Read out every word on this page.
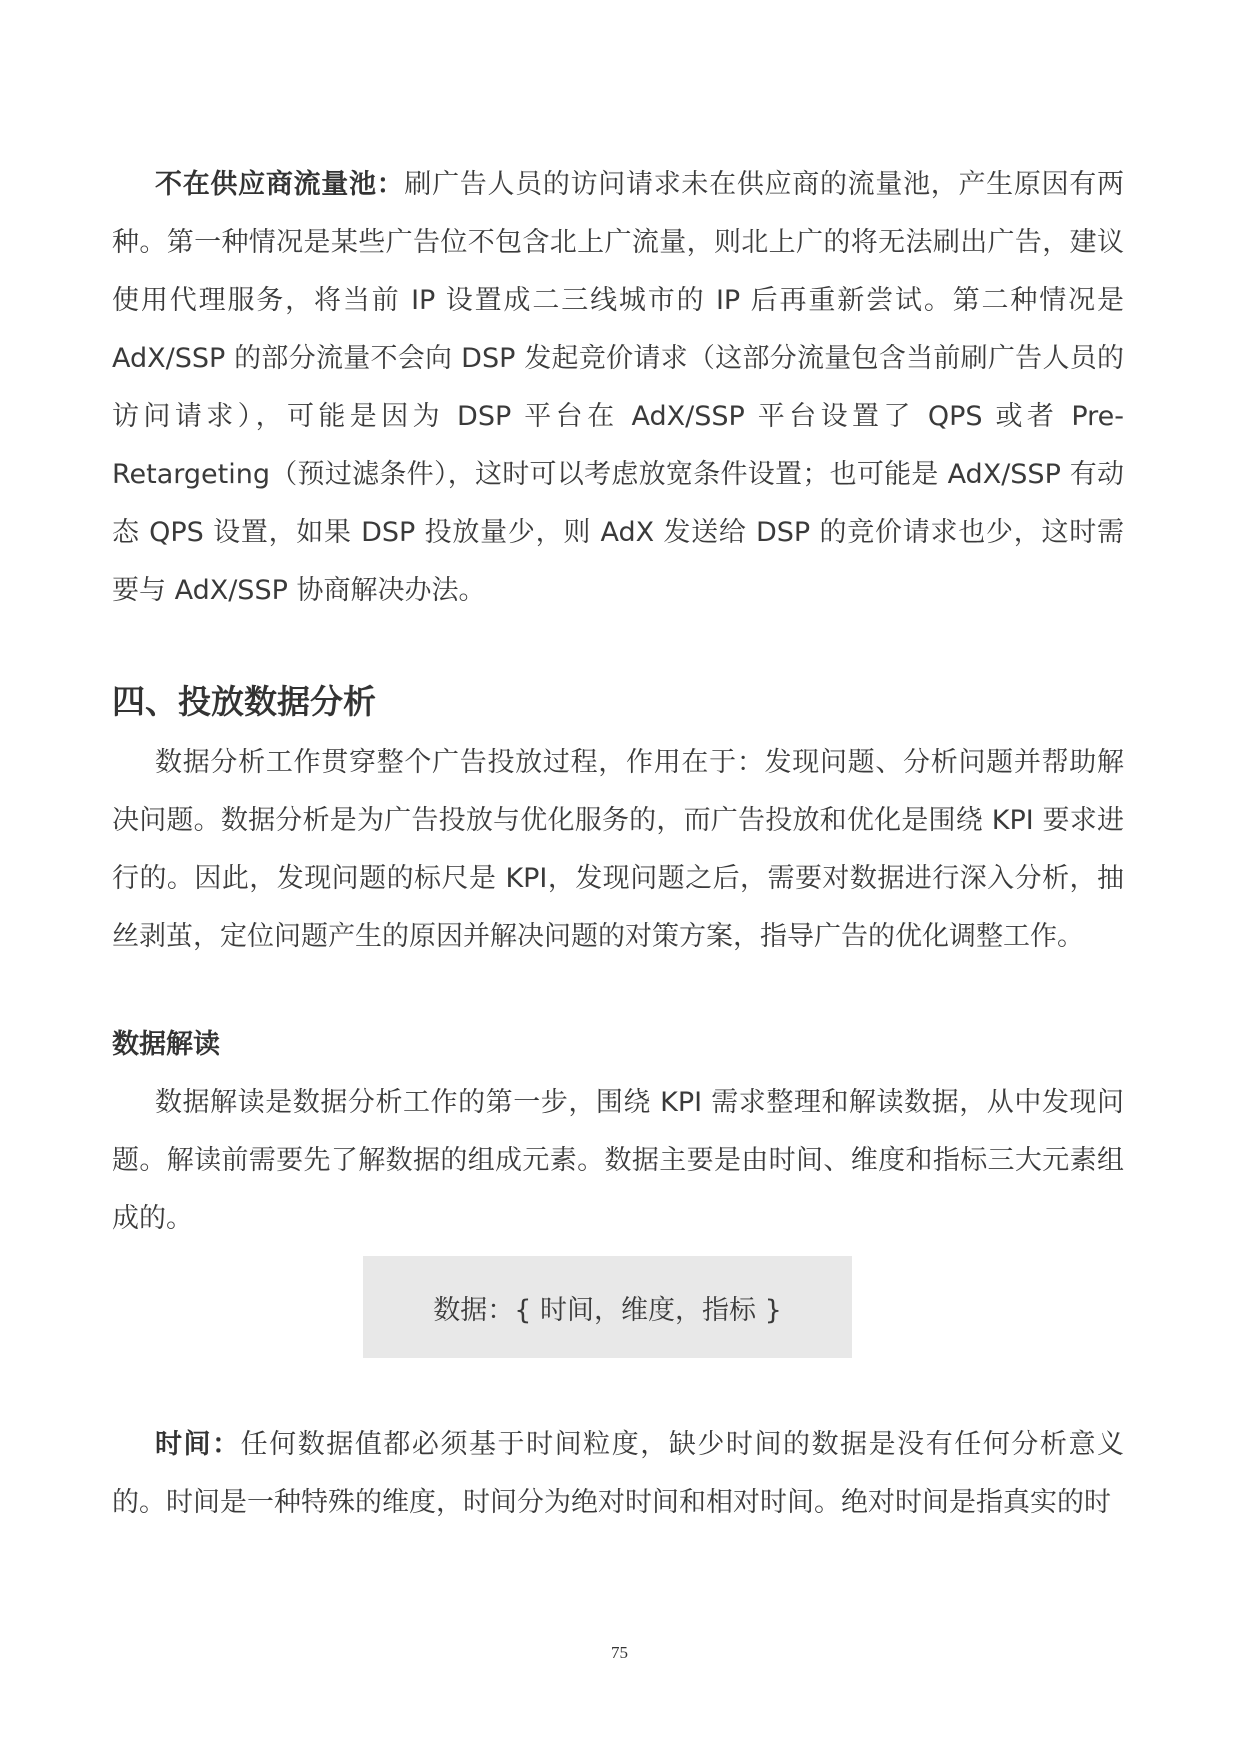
不在供应商流量池：刷广告人员的访问请求未在供应商的流量池，产生原因有两种。第一种情况是某些广告位不包含北上广流量，则北上广的将无法刷出广告，建议使用代理服务，将当前 IP 设置成二三线城市的 IP 后再重新尝试。第二种情况是 AdX/SSP 的部分流量不会向 DSP 发起竞价请求（这部分流量包含当前刷广告人员的访问请求），可能是因为 DSP 平台在 AdX/SSP 平台设置了 QPS 或者 Pre-Retargeting（预过滤条件），这时可以考虑放宽条件设置；也可能是 AdX/SSP 有动态 QPS 设置，如果 DSP 投放量少，则 AdX 发送给 DSP 的竞价请求也少，这时需要与 AdX/SSP 协商解决办法。

四、投放数据分析

数据分析工作贯穿整个广告投放过程，作用在于：发现问题、分析问题并帮助解决问题。数据分析是为广告投放与优化服务的，而广告投放和优化是围绕 KPI 要求进行的。因此，发现问题的标尺是 KPI，发现问题之后，需要对数据进行深入分析，抽丝剥茧，定位问题产生的原因并解决问题的对策方案，指导广告的优化调整工作。

数据解读

数据解读是数据分析工作的第一步，围绕 KPI 需求整理和解读数据，从中发现问题。解读前需要先了解数据的组成元素。数据主要是由时间、维度和指标三大元素组成的。

数据：{ 时间，维度，指标 }

时间：任何数据值都必须基于时间粒度，缺少时间的数据是没有任何分析意义的。时间是一种特殊的维度，时间分为绝对时间和相对时间。绝对时间是指真实的时

75
